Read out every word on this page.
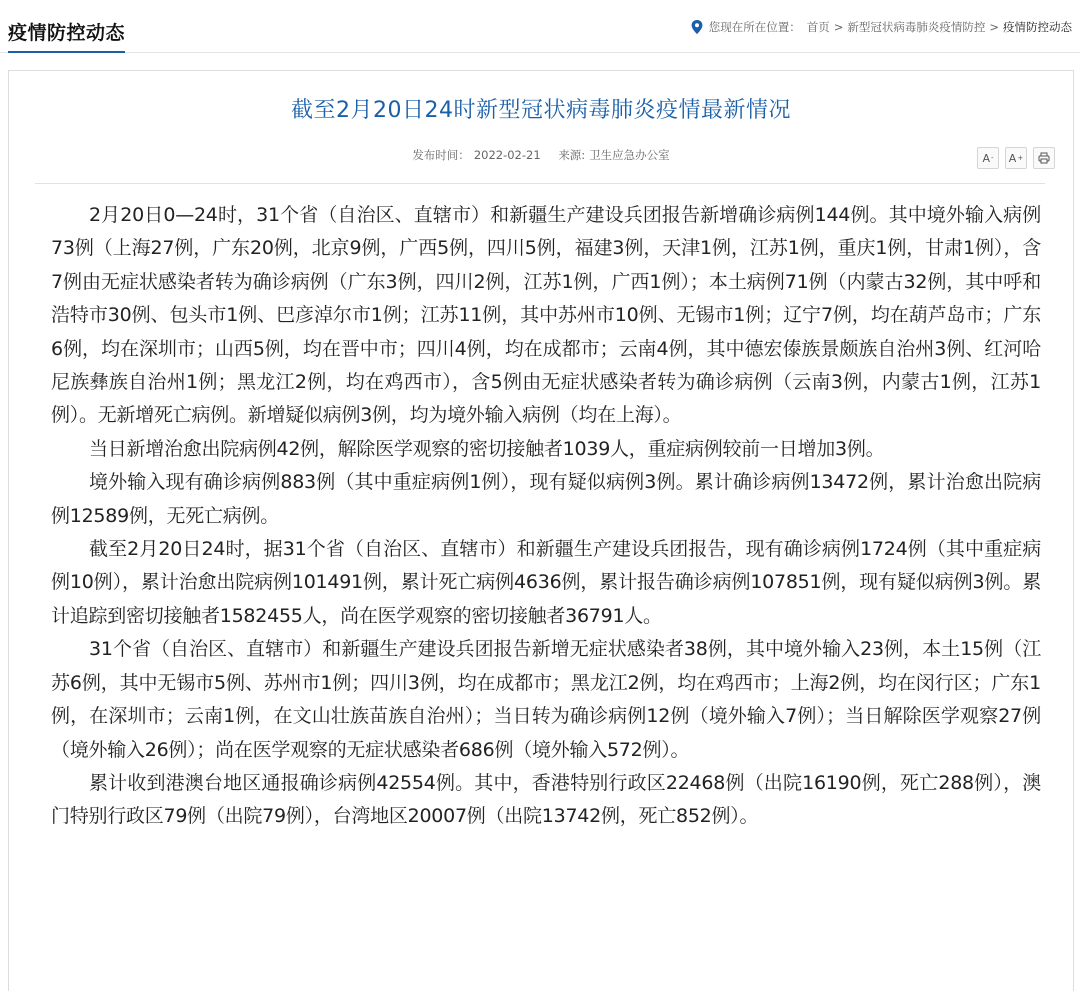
疫情防控动态	您现在所在位置： 首页 > 新型冠状病毒肺炎疫情防控 > 疫情防控动态
截至2月20日24时新型冠状病毒肺炎疫情最新情况
发布时间： 2022-02-21 来源: 卫生应急办公室	A - A +

2月20日0—24时，31个省（自治区、直辖市）和新疆生产建设兵团报告新增确诊病例144例。其中境外输入病例73例（上海27例，广东20例，北京9例，广西5例，四川5例，福建3例，天津1例，江苏1例，重庆1例，甘肃1例），含7例由无症状感染者转为确诊病例（广东3例，四川2例，江苏1例，广西1例）；本土病例71例（内蒙古32例，其中呼和浩特市30例、包头市1例、巴彦淖尔市1例；江苏11例，其中苏州市10例、无锡市1例；辽宁7例，均在葫芦岛市；广东6例，均在深圳市；山西5例，均在晋中市；四川4例，均在成都市；云南4例，其中德宏傣族景颇族自治州3例、红河哈尼族彝族自治州1例；黑龙江2例，均在鸡西市），含5例由无症状感染者转为确诊病例（云南3例，内蒙古1例，江苏1例）。无新增死亡病例。新增疑似病例3例，均为境外输入病例（均在上海）。

当日新增治愈出院病例42例，解除医学观察的密切接触者1039人，重症病例较前一日增加3例。

境外输入现有确诊病例883例（其中重症病例1例），现有疑似病例3例。累计确诊病例13472例，累计治愈出院病例12589例，无死亡病例。

截至2月20日24时，据31个省（自治区、直辖市）和新疆生产建设兵团报告，现有确诊病例1724例（其中重症病例10例），累计治愈出院病例101491例，累计死亡病例4636例，累计报告确诊病例107851例，现有疑似病例3例。累计追踪到密切接触者1582455人，尚在医学观察的密切接触者36791人。

31个省（自治区、直辖市）和新疆生产建设兵团报告新增无症状感染者38例，其中境外输入23例，本土15例（江苏6例，其中无锡市5例、苏州市1例；四川3例，均在成都市；黑龙江2例，均在鸡西市；上海2例，均在闵行区；广东1例，在深圳市；云南1例，在文山壮族苗族自治州）；当日转为确诊病例12例（境外输入7例）；当日解除医学观察27例（境外输入26例）；尚在医学观察的无症状感染者686例（境外输入572例）。

累计收到港澳台地区通报确诊病例42554例。其中，香港特别行政区22468例（出院16190例，死亡288例），澳门特别行政区79例（出院79例），台湾地区20007例（出院13742例，死亡852例）。
